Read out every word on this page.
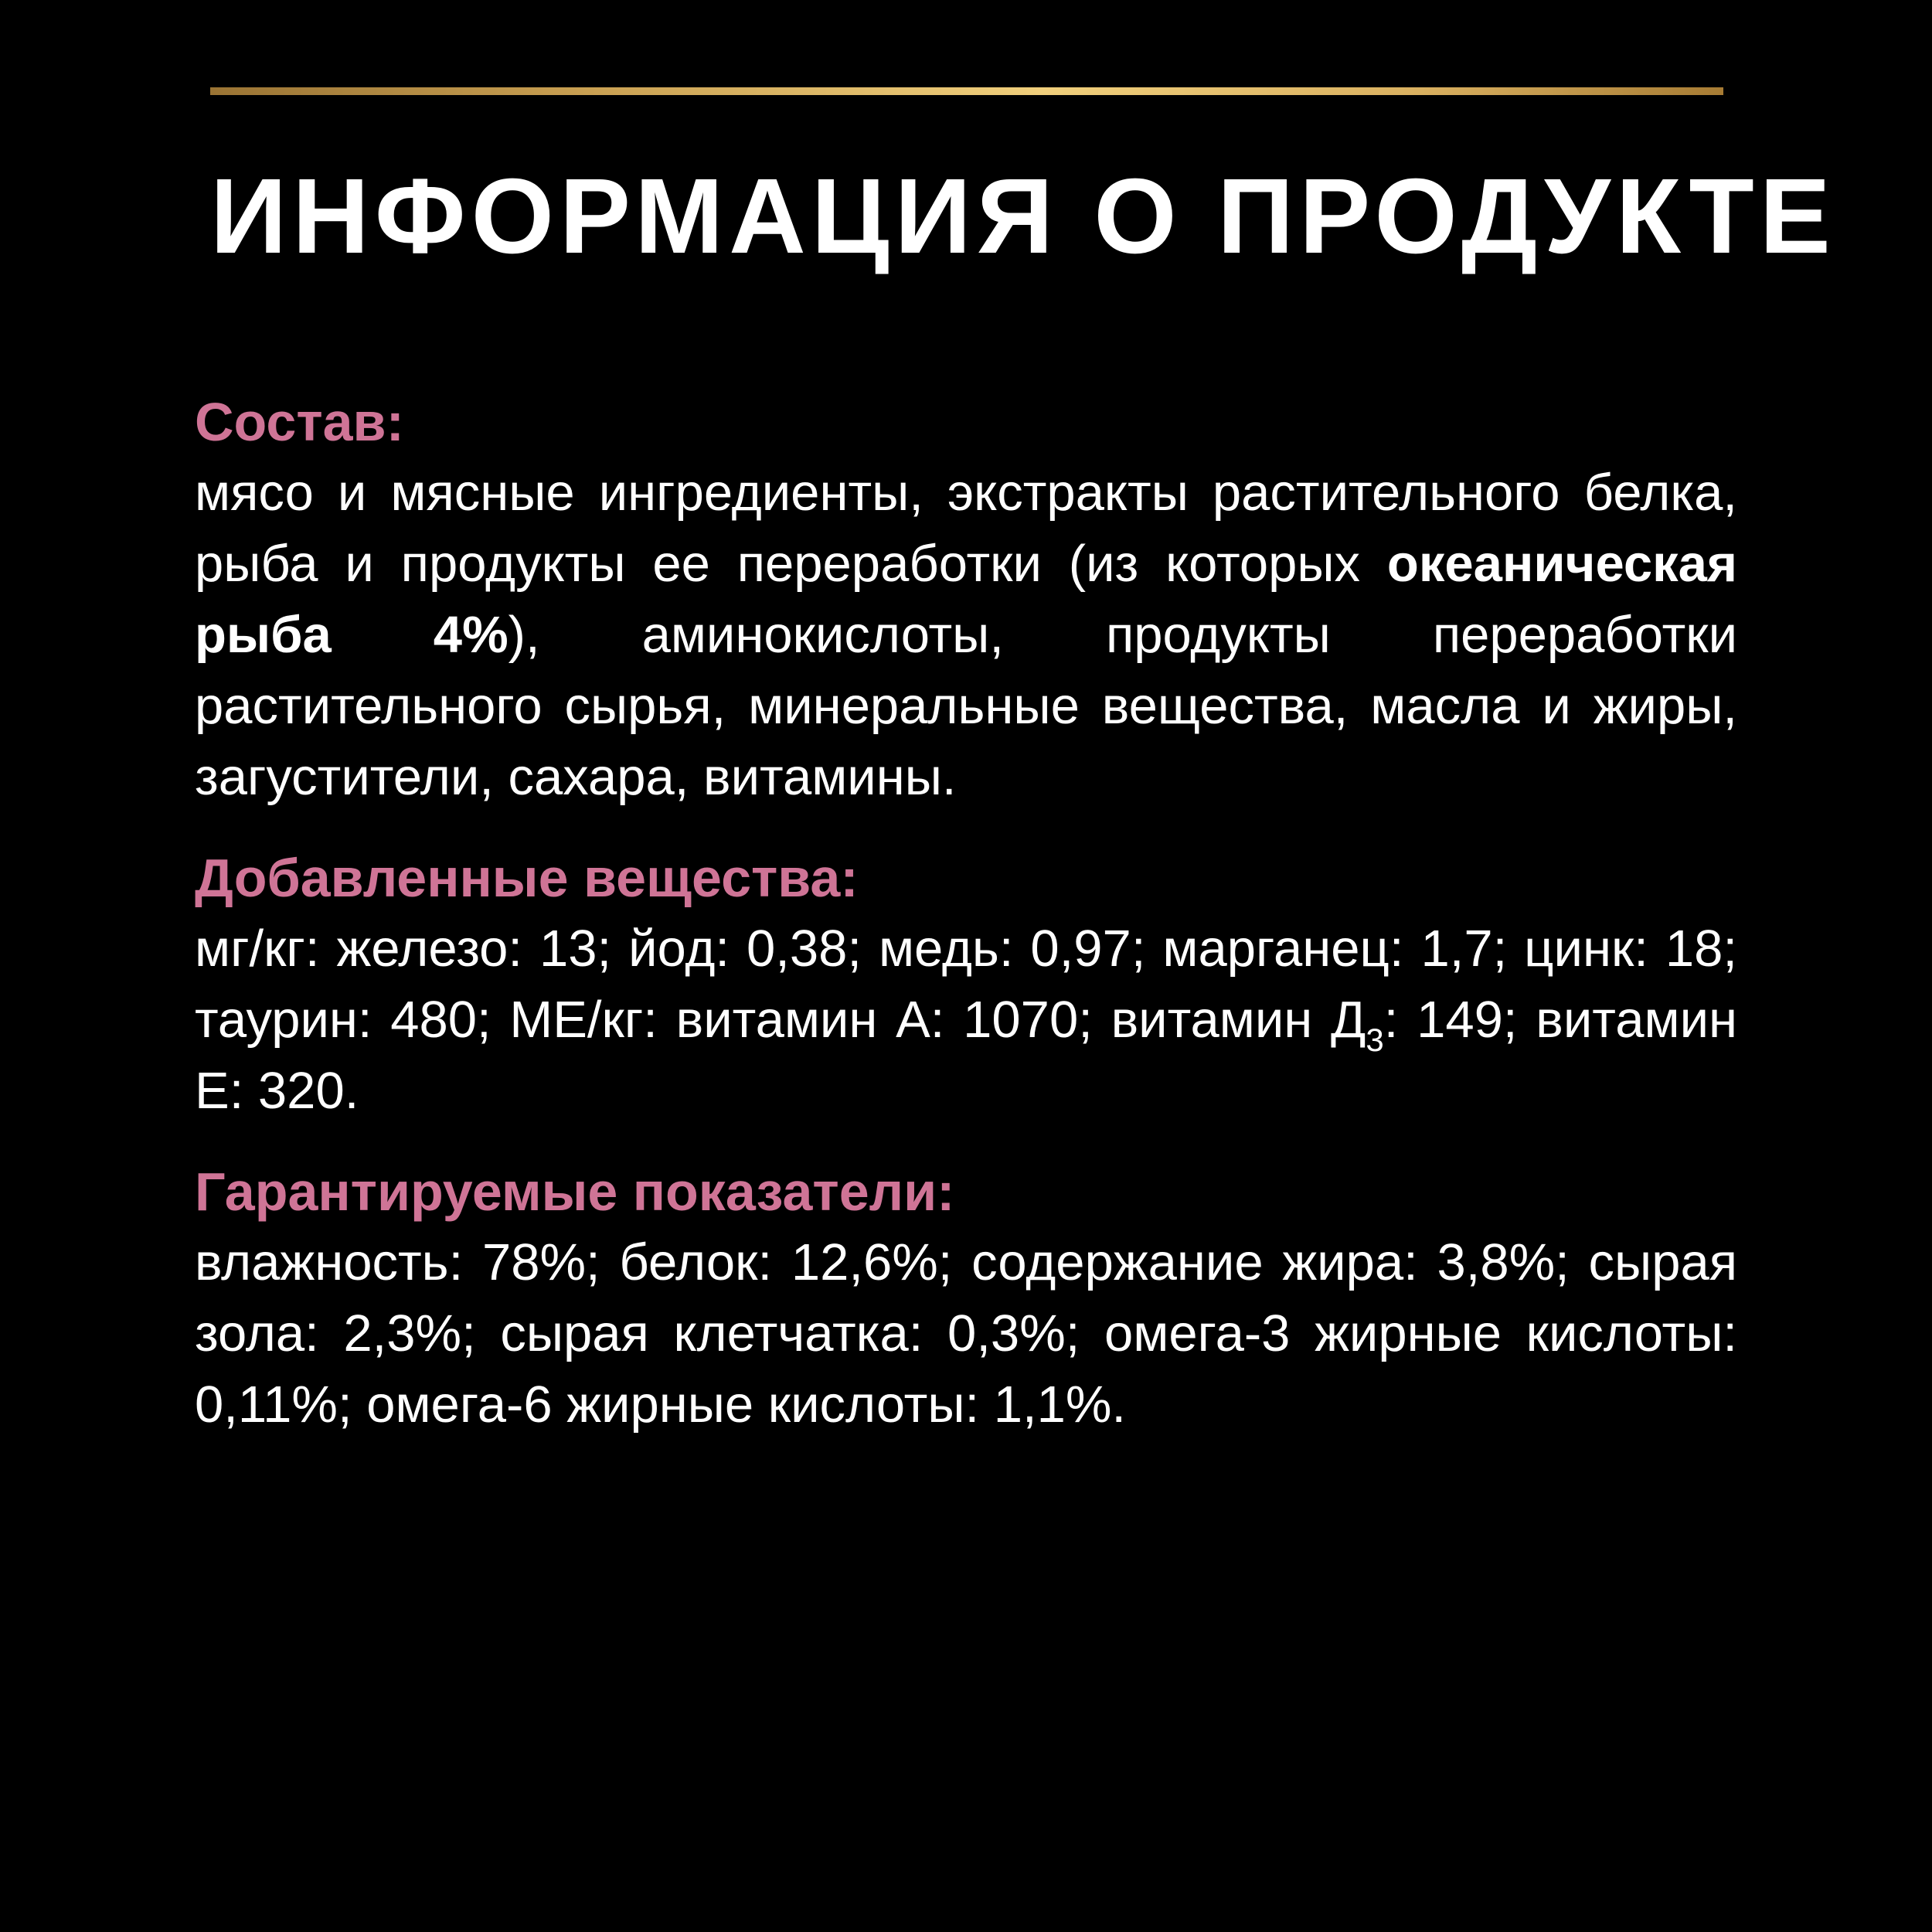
ИНФОРМАЦИЯ О ПРОДУКТЕ

Состав:

мясо и мясные ингредиенты, экстракты растительного белка, рыба и продукты ее переработки (из которых океаническая рыба 4%), аминокислоты, продукты переработки растительного сырья, минеральные вещества, масла и жиры, загустители, сахара, витамины.

Добавленные вещества:

мг/кг: железо: 13; йод: 0,38; медь: 0,97; марганец: 1,7; цинк: 18; таурин: 480; МЕ/кг: витамин А: 1070; витамин $Д_3$: 149; витамин Е: 320.

Гарантируемые показатели:

влажность: 78%; белок: 12,6%; содержание жира: 3,8%; сырая зола: 2,3%; сырая клетчатка: 0,3%; омега-3 жирные кислоты: 0,11%; омега-6 жирные кислоты: 1,1%.
